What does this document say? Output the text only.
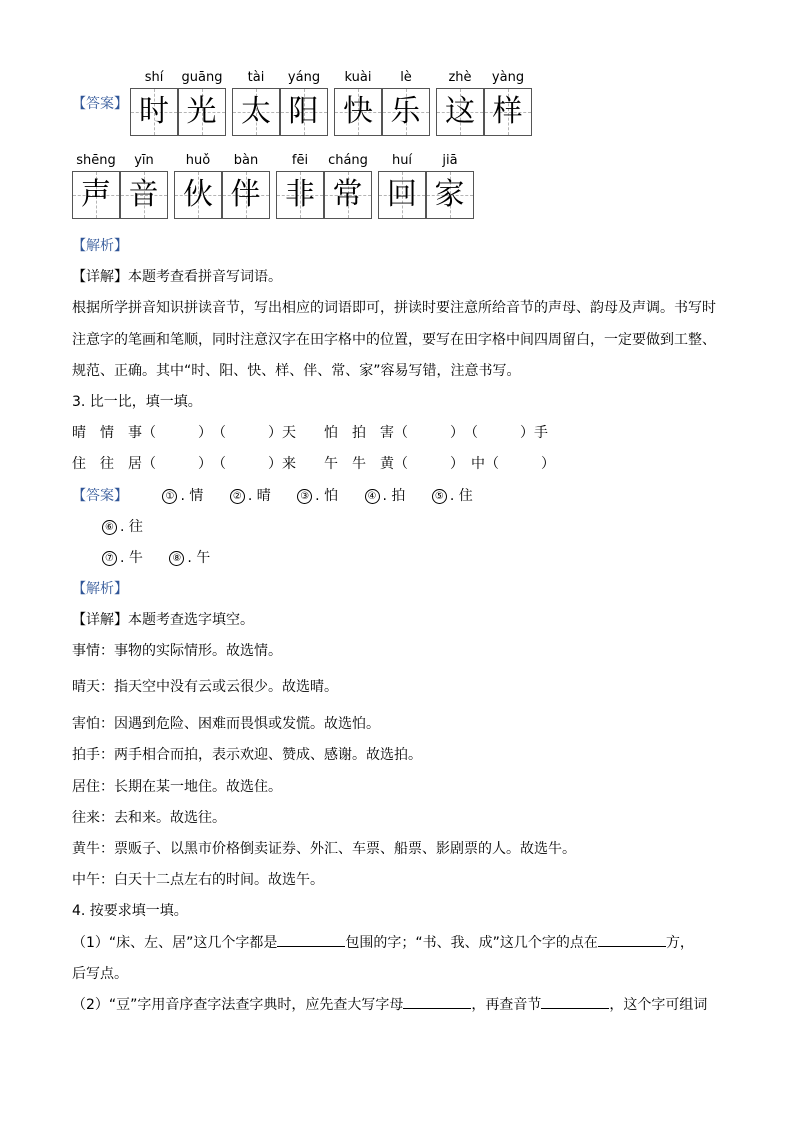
【答案】
shí
时
guāng
光
tài
太
yáng
阳
kuài
快
lè
乐
zhè
这
yàng
样
shēng
声
yīn
音
huǒ
伙
bàn
伴
fēi
非
cháng
常
huí
回
jiā
家
【解析】
【详解】本题考查看拼音写词语。
根据所学拼音知识拼读音节，写出相应的词语即可，拼读时要注意所给音节的声母、韵母及声调。书写时
注意字的笔画和笔顺，同时注意汉字在田字格中的位置，要写在田字格中间四周留白，一定要做到工整、
规范、正确。其中“时、阳、快、样、伴、常、家”容易写错，注意书写。
3. 比一比，填一填。
晴　情　事（　　　）　（　　　）天　　怕　拍　害（　　　）　（　　　）手
住　往　居（　　　）　（　　　）来　　午　牛　黄（　　　）　中（　　　）
【答案】	① . 情	② . 晴	③ . 怕	④ . 拍	⑤ . 住
⑥ . 往
⑦ . 牛	⑧ . 午
【解析】
【详解】本题考查选字填空。
事情：事物的实际情形。故选情。
晴天：指天空中没有云或云很少。故选晴。
害怕：因遇到危险、困难而畏惧或发慌。故选怕。
拍手：两手相合而拍，表示欢迎、赞成、感谢。故选拍。
居住：长期在某一地住。故选住。
往来：去和来。故选往。
黄牛：票贩子、以黑市价格倒卖证券、外汇、车票、船票、影剧票的人。故选牛。
中午：白天十二点左右的时间。故选午。
4. 按要求填一填。
（1）“床、左、居”这几个字都是	包围的字；“书、我、成”这几个字的点在	方，
后写点。
（2）“豆”字用音序查字法查字典时，应先查大写字母	，再查音节	，这个字可组词
